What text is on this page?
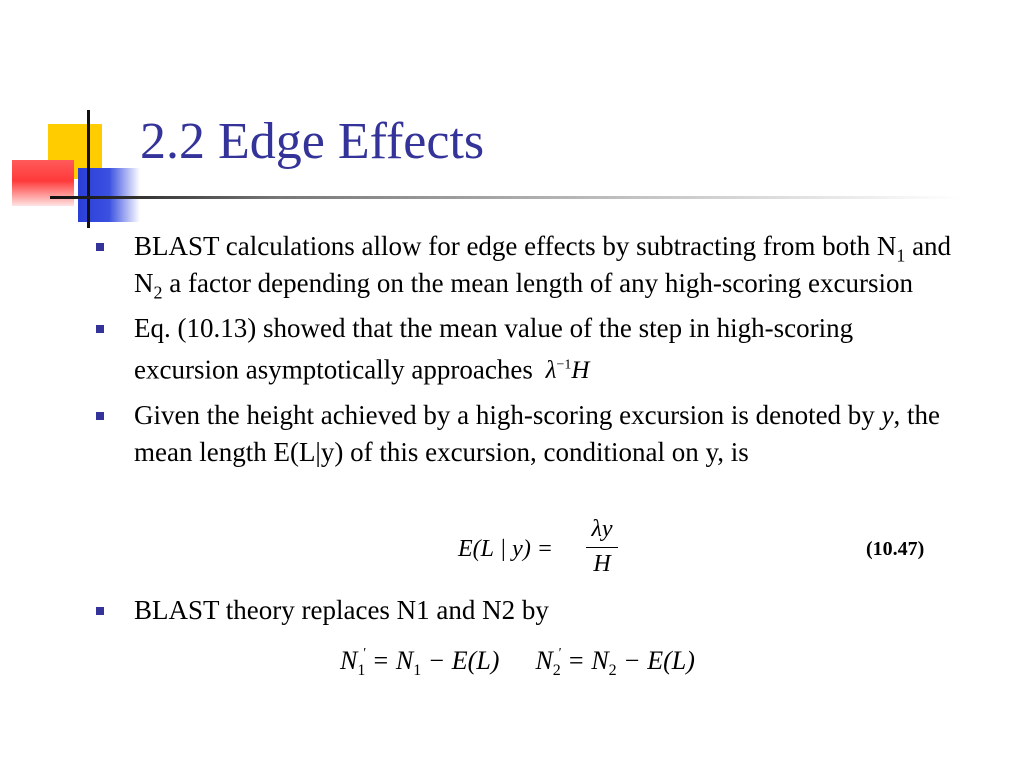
2.2 Edge Effects
BLAST calculations allow for edge effects by subtracting from both $N_1$ and $N_2$ a factor depending on the mean length of any high-scoring excursion
Eq. (10.13) showed that the mean value of the step in high-scoring excursion asymptotically approaches $\lambda^{-1}H$
Given the height achieved by a high-scoring excursion is denoted by y, the mean length E(L|y) of this excursion, conditional on y, is
E(L | y) =
λy
H
(10.47)
BLAST theory replaces N1 and N2 by
$N_1' = N_1 - E(L) N_2' = N_2 - E(L)$
